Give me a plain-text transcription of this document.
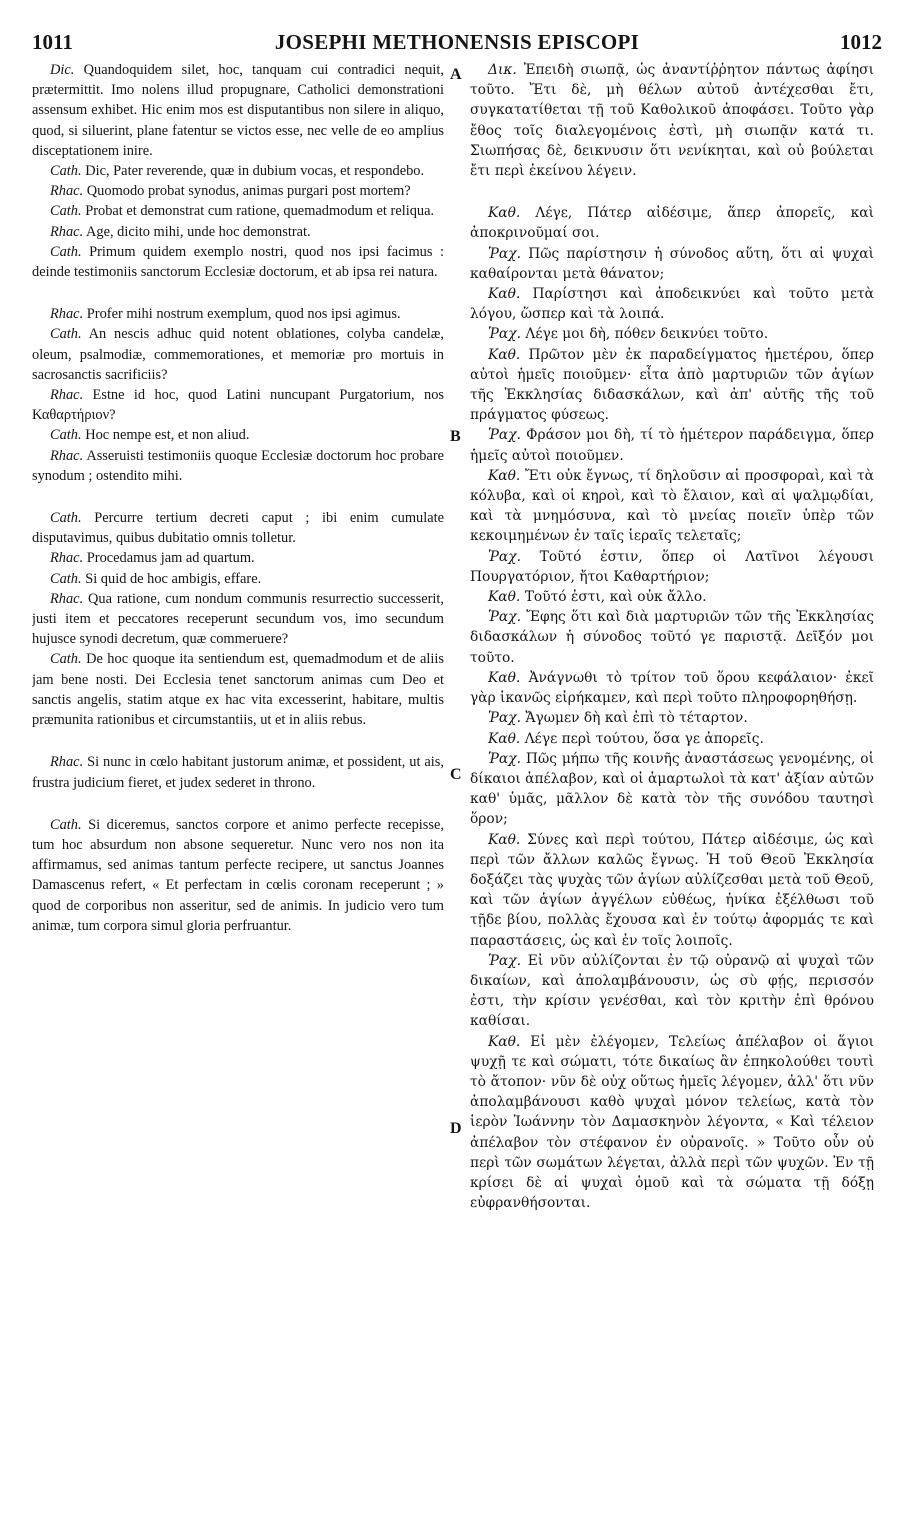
1011	JOSEPHI METHONENSIS EPISCOPI	1012
A
B
C
D

Dic. Quandoquidem silet, hoc, tanquam cui contradici nequit, prætermittit. Imo nolens illud propugnare, Catholici demonstrationi assensum exhibet. Hic enim mos est disputantibus non silere in aliquo, quod, si siluerint, plane fatentur se victos esse, nec velle de eo amplius disceptationem inire.

Cath. Dic, Pater reverende, quæ in dubium vocas, et respondebo.

Rhac. Quomodo probat synodus, animas purgari post mortem?

Cath. Probat et demonstrat cum ratione, quemadmodum et reliqua.

Rhac. Age, dicito mihi, unde hoc demonstrat.

Cath. Primum quidem exemplo nostri, quod nos ipsi facimus : deinde testimoniis sanctorum Ecclesiæ doctorum, et ab ipsa rei natura.

Rhac. Profer mihi nostrum exemplum, quod nos ipsi agimus.

Cath. An nescis adhuc quid notent oblationes, colyba candelæ, oleum, psalmodiæ, commemorationes, et memoriæ pro mortuis in sacrosanctis sacrificiis?

Rhac. Estne id hoc, quod Latini nuncupant Purgatorium, nos Καθαρτήριον?

Cath. Hoc nempe est, et non aliud.

Rhac. Asseruisti testimoniis quoque Ecclesiæ doctorum hoc probare synodum ; ostendito mihi.

Cath. Percurre tertium decreti caput ; ibi enim cumulate disputavimus, quibus dubitatio omnis tolletur.

Rhac. Procedamus jam ad quartum.

Cath. Si quid de hoc ambigis, effare.

Rhac. Qua ratione, cum nondum communis resurrectio successerit, justi item et peccatores receperunt secundum vos, imo secundum hujusce synodi decretum, quæ commeruere?

Cath. De hoc quoque ita sentiendum est, quemadmodum et de aliis jam bene nosti. Dei Ecclesia tenet sanctorum animas cum Deo et sanctis angelis, statim atque ex hac vita excesserint, habitare, multis præmunita rationibus et circumstantiis, ut et in aliis rebus.

Rhac. Si nunc in cœlo habitant justorum animæ, et possident, ut ais, frustra judicium fieret, et judex sederet in throno.

Cath. Si diceremus, sanctos corpore et animo perfecte recepisse, tum hoc absurdum non absone sequeretur. Nunc vero nos non ita affirmamus, sed animas tantum perfecte recipere, ut sanctus Joannes Damascenus refert, « Et perfectam in cœlis coronam receperunt ; » quod de corporibus non asseritur, sed de animis. In judicio vero tum animæ, tum corpora simul gloria perfruantur.

Δικ. Ἐπειδὴ σιωπᾷ, ὡς ἀναντίῤῥητον πάντως ἀφίησι τοῦτο. Ἔτι δὲ, μὴ θέλων αὐτοῦ ἀντέχεσθαι ἔτι, συγκατατίθεται τῇ τοῦ Καθολικοῦ ἀποφάσει. Τοῦτο γὰρ ἔθος τοῖς διαλεγομένοις ἐστὶ, μὴ σιωπᾷν κατά τι. Σιωπήσας δὲ, δεικνυσιν ὅτι νενίκηται, καὶ οὐ βούλεται ἔτι περὶ ἐκείνου λέγειν.

Καθ. Λέγε, Πάτερ αἰδέσιμε, ἅπερ ἀπορεῖς, καὶ ἀποκρινοῦμαί σοι.

Ῥαχ. Πῶς παρίστησιν ἡ σύνοδος αὕτη, ὅτι αἱ ψυχαὶ καθαίρονται μετὰ θάνατον;

Καθ. Παρίστησι καὶ ἀποδεικνύει καὶ τοῦτο μετὰ λόγου, ὥσπερ καὶ τὰ λοιπά.

Ῥαχ. Λέγε μοι δὴ, πόθεν δεικνύει τοῦτο.

Καθ. Πρῶτον μὲν ἐκ παραδείγματος ἡμετέρου, ὅπερ αὐτοὶ ἡμεῖς ποιοῦμεν· εἶτα ἀπὸ μαρτυριῶν τῶν ἁγίων τῆς Ἐκκλησίας διδασκάλων, καὶ ἀπ' αὐτῆς τῆς τοῦ πράγματος φύσεως.

Ῥαχ. Φράσον μοι δὴ, τί τὸ ἡμέτερον παράδειγμα, ὅπερ ἡμεῖς αὐτοὶ ποιοῦμεν.

Καθ. Ἔτι οὐκ ἔγνως, τί δηλοῦσιν αἱ προσφοραὶ, καὶ τὰ κόλυβα, καὶ οἱ κηροὶ, καὶ τὸ ἔλαιον, καὶ αἱ ψαλμῳδίαι, καὶ τὰ μνημόσυνα, καὶ τὸ μνείας ποιεῖν ὑπὲρ τῶν κεκοιμημένων ἐν ταῖς ἱεραῖς τελεταῖς;

Ῥαχ. Τοῦτό ἐστιν, ὅπερ οἱ Λατῖνοι λέγουσι Πουργατόριον, ἤτοι Καθαρτήριον;

Καθ. Τοῦτό ἐστι, καὶ οὐκ ἄλλο.

Ῥαχ. Ἔφης ὅτι καὶ διὰ μαρτυριῶν τῶν τῆς Ἐκκλησίας διδασκάλων ἡ σύνοδος τοῦτό γε παριστᾷ. Δεῖξόν μοι τοῦτο.

Καθ. Ἀνάγνωθι τὸ τρίτον τοῦ ὅρου κεφάλαιον· ἐκεῖ γὰρ ἱκανῶς εἰρήκαμεν, καὶ περὶ τοῦτο πληροφορηθήσῃ.

Ῥαχ. Ἄγωμεν δὴ καὶ ἐπὶ τὸ τέταρτον.

Καθ. Λέγε περὶ τούτου, ὅσα γε ἀπορεῖς.

Ῥαχ. Πῶς μήπω τῆς κοινῆς ἀναστάσεως γενομένης, οἱ δίκαιοι ἀπέλαβον, καὶ οἱ ἁμαρτωλοὶ τὰ κατ' ἀξίαν αὐτῶν καθ' ὑμᾶς, μᾶλλον δὲ κατὰ τὸν τῆς συνόδου ταυτησὶ ὅρον;

Καθ. Σύνες καὶ περὶ τούτου, Πάτερ αἰδέσιμε, ὡς καὶ περὶ τῶν ἄλλων καλῶς ἔγνως. Ἡ τοῦ Θεοῦ Ἐκκλησία δοξάζει τὰς ψυχὰς τῶν ἁγίων αὐλίζεσθαι μετὰ τοῦ Θεοῦ, καὶ τῶν ἁγίων ἀγγέλων εὐθέως, ἡνίκα ἐξέλθωσι τοῦ τῇδε βίου, πολλὰς ἔχουσα καὶ ἐν τούτῳ ἀφορμάς τε καὶ παραστάσεις, ὡς καὶ ἐν τοῖς λοιποῖς.

Ῥαχ. Εἰ νῦν αὐλίζονται ἐν τῷ οὐρανῷ αἱ ψυχαὶ τῶν δικαίων, καὶ ἀπολαμβάνουσιν, ὡς σὺ φῄς, περισσόν ἐστι, τὴν κρίσιν γενέσθαι, καὶ τὸν κριτὴν ἐπὶ θρόνου καθίσαι.

Καθ. Εἰ μὲν ἐλέγομεν, Τελείως ἀπέλαβον οἱ ἅγιοι ψυχῇ τε καὶ σώματι, τότε δικαίως ἂν ἐπηκολούθει τουτὶ τὸ ἄτοπον· νῦν δὲ οὐχ οὕτως ἡμεῖς λέγομεν, ἀλλ' ὅτι νῦν ἀπολαμβάνουσι καθὸ ψυχαὶ μόνον τελείως, κατὰ τὸν ἱερὸν Ἰωάννην τὸν Δαμασκηνὸν λέγοντα, « Καὶ τέλειον ἀπέλαβον τὸν στέφανον ἐν οὐρανοῖς. » Τοῦτο οὖν οὐ περὶ τῶν σωμάτων λέγεται, ἀλλὰ περὶ τῶν ψυχῶν. Ἐν τῇ κρίσει δὲ αἱ ψυχαὶ ὁμοῦ καὶ τὰ σώματα τῇ δόξῃ εὐφρανθήσονται.
